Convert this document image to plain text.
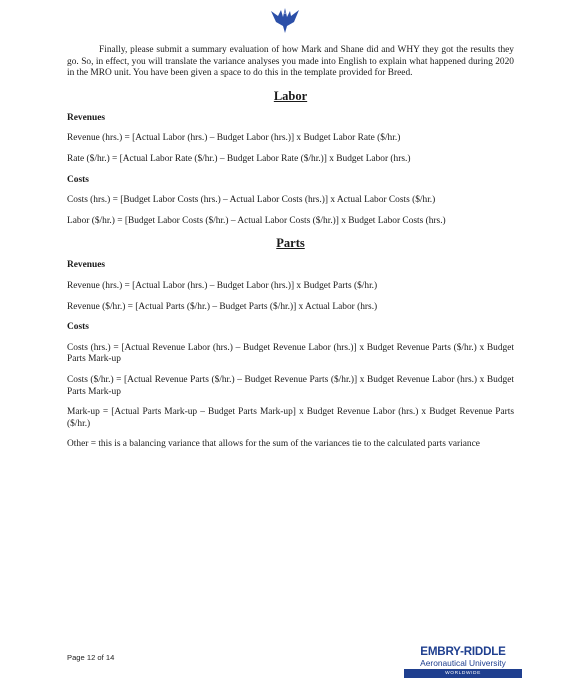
Finally, please submit a summary evaluation of how Mark and Shane did and WHY they got the results they go. So, in effect, you will translate the variance analyses you made into English to explain what happened during 2020 in the MRO unit. You have been given a space to do this in the template provided for Breed.

Labor
Revenues
Revenue (hrs.) = [Actual Labor (hrs.) – Budget Labor (hrs.)] x Budget Labor Rate ($/hr.)
Rate ($/hr.) = [Actual Labor Rate ($/hr.) – Budget Labor Rate ($/hr.)] x Budget Labor (hrs.)
Costs
Costs (hrs.) = [Budget Labor Costs (hrs.) – Actual Labor Costs (hrs.)] x Actual Labor Costs ($/hr.)
Labor ($/hr.) = [Budget Labor Costs ($/hr.) – Actual Labor Costs ($/hr.)] x Budget Labor Costs (hrs.)
Parts
Revenues
Revenue (hrs.) = [Actual Labor (hrs.) – Budget Labor (hrs.)] x Budget Parts ($/hr.)
Revenue ($/hr.) = [Actual Parts ($/hr.) – Budget Parts ($/hr.)] x Actual Labor (hrs.)
Costs
Costs (hrs.) = [Actual Revenue Labor (hrs.) – Budget Revenue Labor (hrs.)] x Budget Revenue Parts ($/hr.) x Budget Parts Mark-up
Costs ($/hr.) = [Actual Revenue Parts ($/hr.) – Budget Revenue Parts ($/hr.)] x Budget Revenue Labor (hrs.) x Budget Parts Mark-up
Mark-up = [Actual Parts Mark-up – Budget Parts Mark-up] x Budget Revenue Labor (hrs.) x Budget Revenue Parts ($/hr.)
Other = this is a balancing variance that allows for the sum of the variances tie to the calculated parts variance
Page 12 of 14	EMBRY-RIDDLE
Aeronautical University
WORLDWIDE
